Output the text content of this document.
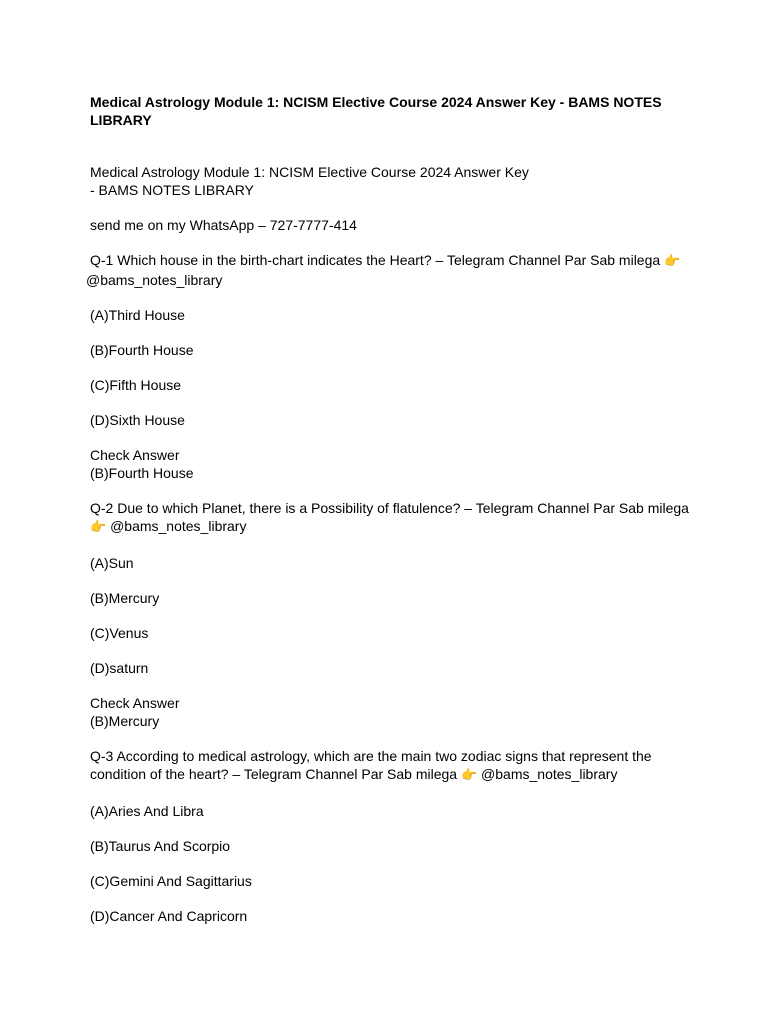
Medical Astrology Module 1: NCISM Elective Course 2024 Answer Key - BAMS NOTES LIBRARY
Medical Astrology Module 1: NCISM Elective Course 2024 Answer Key
- BAMS NOTES LIBRARY
send me on my WhatsApp – 727-7777-414
Q-1 Which house in the birth-chart indicates the Heart? – Telegram Channel Par Sab milega 👉
@bams_notes_library
(A)Third House
(B)Fourth House
(C)Fifth House
(D)Sixth House
Check Answer
(B)Fourth House
Q-2 Due to which Planet, there is a Possibility of flatulence? – Telegram Channel Par Sab milega
👉 @bams_notes_library
(A)Sun
(B)Mercury
(C)Venus
(D)saturn
Check Answer
(B)Mercury
Q-3 According to medical astrology, which are the main two zodiac signs that represent the condition of the heart? – Telegram Channel Par Sab milega 👉 @bams_notes_library
(A)Aries And Libra
(B)Taurus And Scorpio
(C)Gemini And Sagittarius
(D)Cancer And Capricorn
